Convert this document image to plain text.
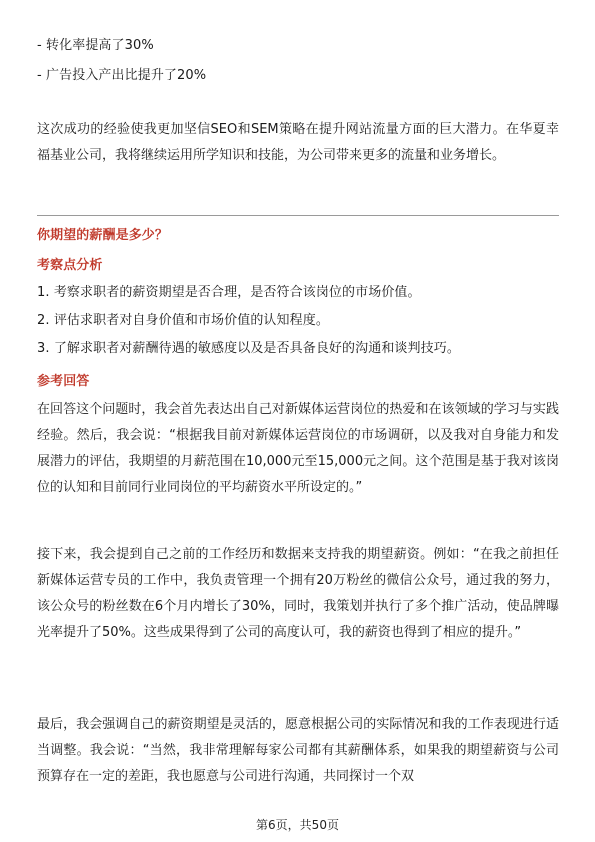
- 转化率提高了30%
- 广告投入产出比提升了20%
这次成功的经验使我更加坚信SEO和SEM策略在提升网站流量方面的巨大潜力。在华夏幸福基业公司，我将继续运用所学知识和技能，为公司带来更多的流量和业务增长。
你期望的薪酬是多少？
考察点分析
1. 考察求职者的薪资期望是否合理，是否符合该岗位的市场价值。
2. 评估求职者对自身价值和市场价值的认知程度。
3. 了解求职者对薪酬待遇的敏感度以及是否具备良好的沟通和谈判技巧。
参考回答
在回答这个问题时，我会首先表达出自己对新媒体运营岗位的热爱和在该领域的学习与实践经验。然后，我会说：“根据我目前对新媒体运营岗位的市场调研，以及我对自身能力和发展潜力的评估，我期望的月薪范围在10,000元至15,000元之间。这个范围是基于我对该岗位的认知和目前同行业同岗位的平均薪资水平所设定的。”
接下来，我会提到自己之前的工作经历和数据来支持我的期望薪资。例如：“在我之前担任新媒体运营专员的工作中，我负责管理一个拥有20万粉丝的微信公众号，通过我的努力，该公众号的粉丝数在6个月内增长了30%，同时，我策划并执行了多个推广活动，使品牌曝光率提升了50%。这些成果得到了公司的高度认可，我的薪资也得到了相应的提升。”
最后，我会强调自己的薪资期望是灵活的，愿意根据公司的实际情况和我的工作表现进行适当调整。我会说：“当然，我非常理解每家公司都有其薪酬体系，如果我的期望薪资与公司预算存在一定的差距，我也愿意与公司进行沟通，共同探讨一个双
第6页，共50页
